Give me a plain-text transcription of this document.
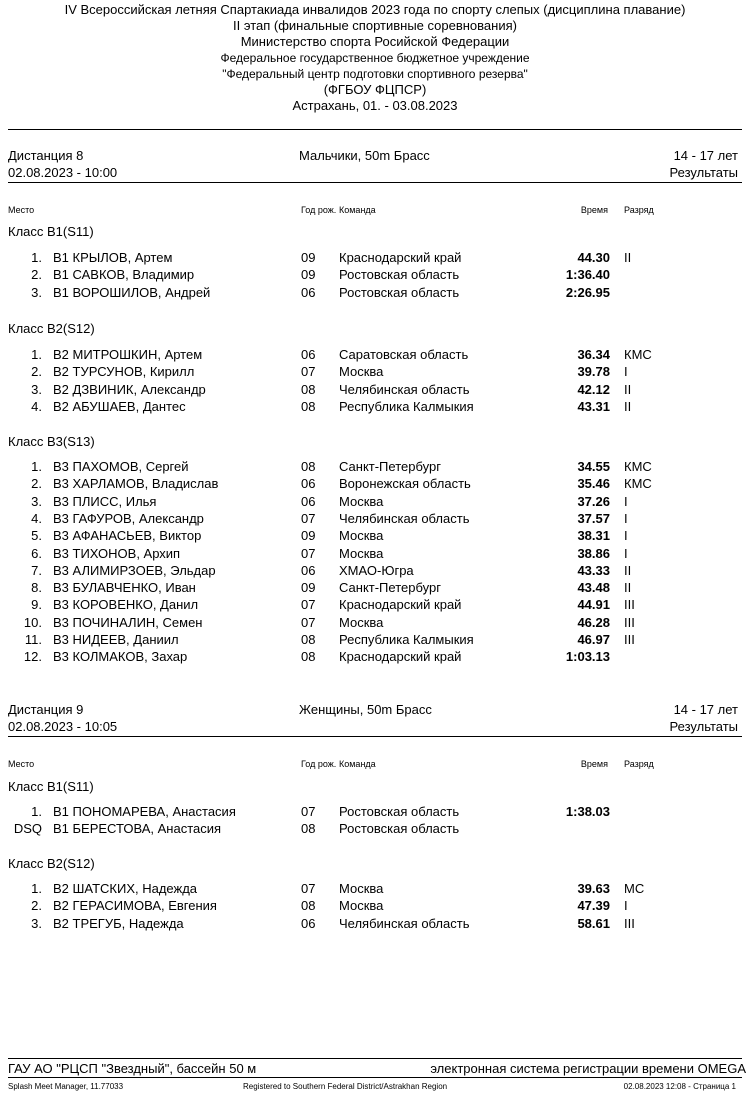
IV Всероссийская летняя Спартакиада инвалидов 2023 года по спорту слепых (дисциплина плавание)
II этап (финальные спортивные соревнования)
Министерство спорта Росийской Федерации
Федеральное государственное бюджетное учреждение
"Федеральный центр подготовки спортивного резерва"
(ФГБОУ ФЦПСР)
Астрахань, 01. - 03.08.2023
Дистанция 8
02.08.2023 - 10:00
Мальчики, 50m Брасс	14 - 17 лет
Результаты
Место	Год рож. Команда	Время Разряд
Класс B1(S11)
1. B1 КРЫЛОВ, Артем	09 Краснодарский край	44.30 II
2. B1 САВКОВ, Владимир	09 Ростовская область	1:36.40
3. B1 ВОРОШИЛОВ, Андрей	06 Ростовская область	2:26.95
Класс B2(S12)
1. B2 МИТРОШКИН, Артем	06 Саратовская область	36.34 КМС
2. B2 ТУРСУНОВ, Кирилл	07 Москва	39.78 I
3. B2 ДЗВИНИК, Александр	08 Челябинская область	42.12 II
4. B2 АБУШАЕВ, Дантес	08 Республика Калмыкия	43.31 II
Класс B3(S13)
1. B3 ПАХОМОВ, Сергей	08 Санкт-Петербург	34.55 КМС
2. B3 ХАРЛАМОВ, Владислав	06 Воронежская область	35.46 КМС
3. B3 ПЛИСС, Илья	06 Москва	37.26 I
4. B3 ГАФУРОВ, Александр	07 Челябинская область	37.57 I
5. B3 АФАНАСЬЕВ, Виктор	09 Москва	38.31 I
6. B3 ТИХОНОВ, Архип	07 Москва	38.86 I
7. B3 АЛИМИРЗОЕВ, Эльдар	06 ХМАО-Югра	43.33 II
8. B3 БУЛАВЧЕНКО, Иван	09 Санкт-Петербург	43.48 II
9. B3 КОРОВЕНКО, Данил	07 Краснодарский край	44.91 III
10. B3 ПОЧИНАЛИН, Семен	07 Москва	46.28 III
11. B3 НИДЕЕВ, Даниил	08 Республика Калмыкия	46.97 III
12. B3 КОЛМАКОВ, Захар	08 Краснодарский край	1:03.13
Дистанция 9
02.08.2023 - 10:05
Женщины, 50m Брасс	14 - 17 лет
Результаты
Место	Год рож. Команда	Время Разряд
Класс B1(S11)
1. B1 ПОНОМАРЕВА, Анастасия	07 Ростовская область	1:38.03
DSQ B1 БЕРЕСТОВА, Анастасия	08 Ростовская область
Класс B2(S12)
1. B2 ШАТСКИХ, Надежда	07 Москва	39.63 МС
2. B2 ГЕРАСИМОВА, Евгения	08 Москва	47.39 I
3. B2 ТРЕГУБ, Надежда	06 Челябинская область	58.61 III
ГАУ АО "РЦСП "Звездный", бассейн 50 м	электронная система регистрации времени OMEGA
Splash Meet Manager, 11.77033	Registered to Southern Federal District/Astrakhan Region	02.08.2023 12:08 - Страница 1
